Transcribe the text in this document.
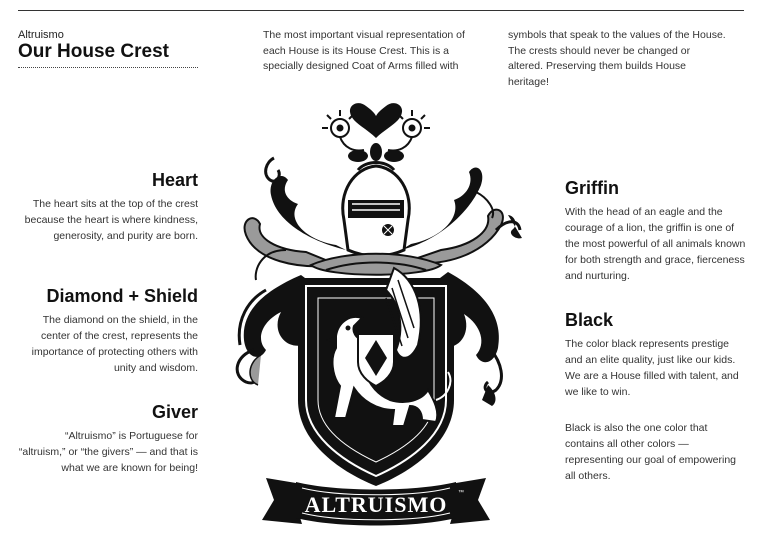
Altruismo
Our House Crest

The most important visual representation of each House is its House Crest. This is a specially designed Coat of Arms filled with

symbols that speak to the values of the House. The crests should never be changed or altered. Preserving them builds House heritage!

Heart

The heart sits at the top of the crest because the heart is where kindness, generosity, and purity are born.

Diamond + Shield

The diamond on the shield, in the center of the crest, represents the importance of protecting others with unity and wisdom.

Giver

“Altruismo” is Portuguese for “altruism,” or “the givers” — and that is what we are known for being!

Griffin

With the head of an eagle and the courage of a lion, the griffin is one of the most powerful of all animals known for both strength and grace, fierceness and nurturing.

Black

The color black represents prestige and an elite quality, just like our kids. We are a House filled with talent, and we like to win.

Black is also the one color that contains all other colors — representing our goal of empowering all others.

ALTRUISMO ™
